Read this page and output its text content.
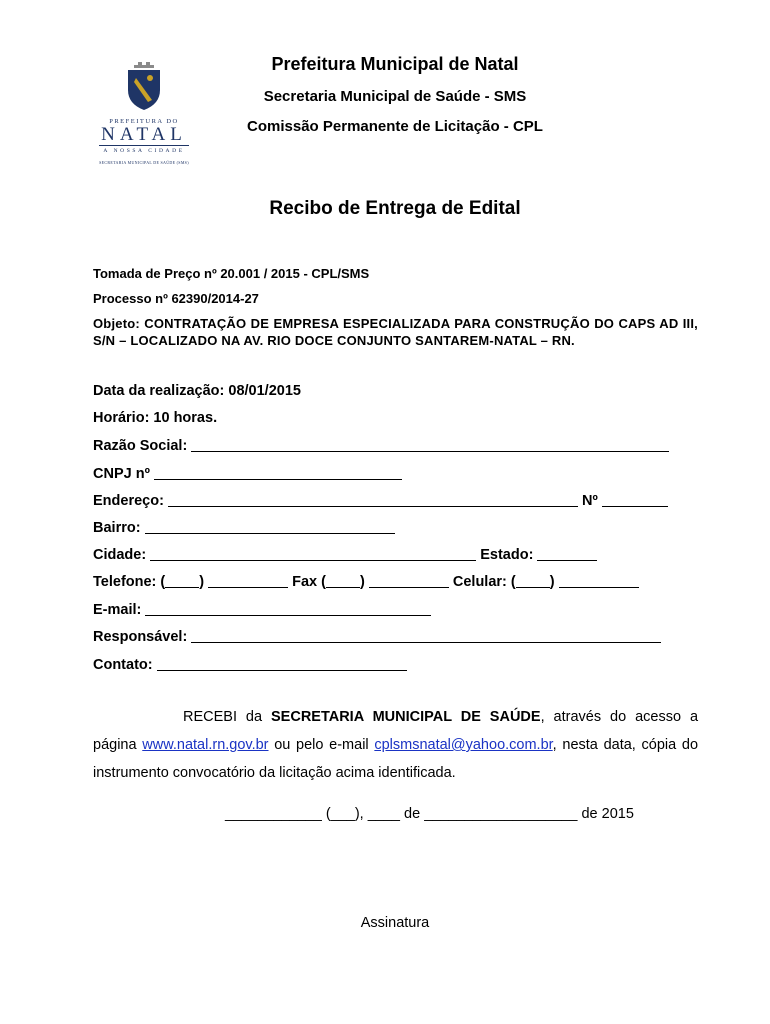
PREFEITURA DO
NATAL
A NOSSA CIDADE
SECRETARIA MUNICIPAL DE SAÚDE (SMS)
Prefeitura Municipal de Natal
Secretaria Municipal de Saúde - SMS
Comissão Permanente de Licitação - CPL
Recibo de Entrega de Edital
Tomada de Preço nº 20.001 / 2015 - CPL/SMS
Processo nº 62390/2014-27
Objeto: CONTRATAÇÃO DE EMPRESA ESPECIALIZADA PARA CONSTRUÇÃO DO CAPS AD III, S/N – LOCALIZADO NA AV. RIO DOCE CONJUNTO SANTAREM-NATAL – RN.
Data da realização: 08/01/2015
Horário: 10 horas.
Razão Social:
CNPJ nº
Endereço:	Nº
Bairro:
Cidade:	Estado:
Telefone: ( )	Fax ( )	Celular: ( )
E-mail:
Responsável:
Contato:
RECEBI da SECRETARIA MUNICIPAL DE SAÚDE, através do acesso a página www.natal.rn.gov.br ou pelo e-mail cplsmsnatal@yahoo.com.br, nesta data, cópia do instrumento convocatório da licitação acima identificada.
____________ (___), ____ de ___________________ de 2015
Assinatura
